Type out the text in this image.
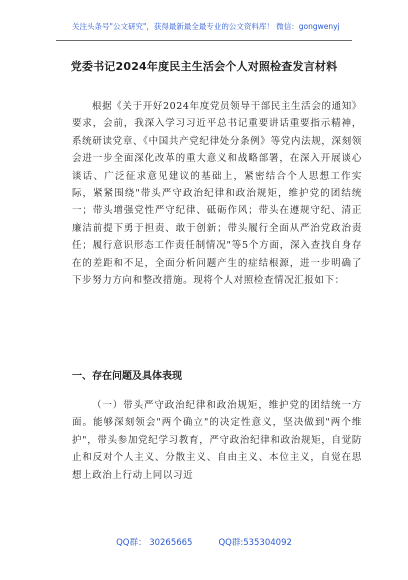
关注头条号"公文研究"，获得最新最全最专业的公文资料库！ 微信：gongwenyj
党委书记2024年度民主生活会个人对照检查发言材料
根据《关于开好2024年度党员领导干部民主生活会的通知》要求，会前，我深入学习习近平总书记重要讲话重要指示精神，系统研读党章、《中国共产党纪律处分条例》等党内法规，深刻领会进一步全面深化改革的重大意义和战略部署，在深入开展谈心谈话、广泛征求意见建议的基础上，紧密结合个人思想工作实际，紧紧围绕"带头严守政治纪律和政治规矩，维护党的团结统一；带头增强党性严守纪律、砥砺作风；带头在遵规守纪、清正廉洁前提下勇于担责、敢于创新；带头履行全面从严治党政治责任；履行意识形态工作责任制情况"等5个方面，深入查找自身存在的差距和不足，全面分析问题产生的症结根源，进一步明确了下步努力方向和整改措施。现将个人对照检查情况汇报如下：
一、存在问题及具体表现
（一）带头严守政治纪律和政治规矩，维护党的团结统一方面。能够深刻领会"两个确立"的决定性意义，坚决做到"两个维护"，带头参加党纪学习教育，严守政治纪律和政治规矩，自觉防止和反对个人主义、分散主义、自由主义、本位主义，自觉在思想上政治上行动上同以习近
QQ群： 30265665	QQ群:535304092
